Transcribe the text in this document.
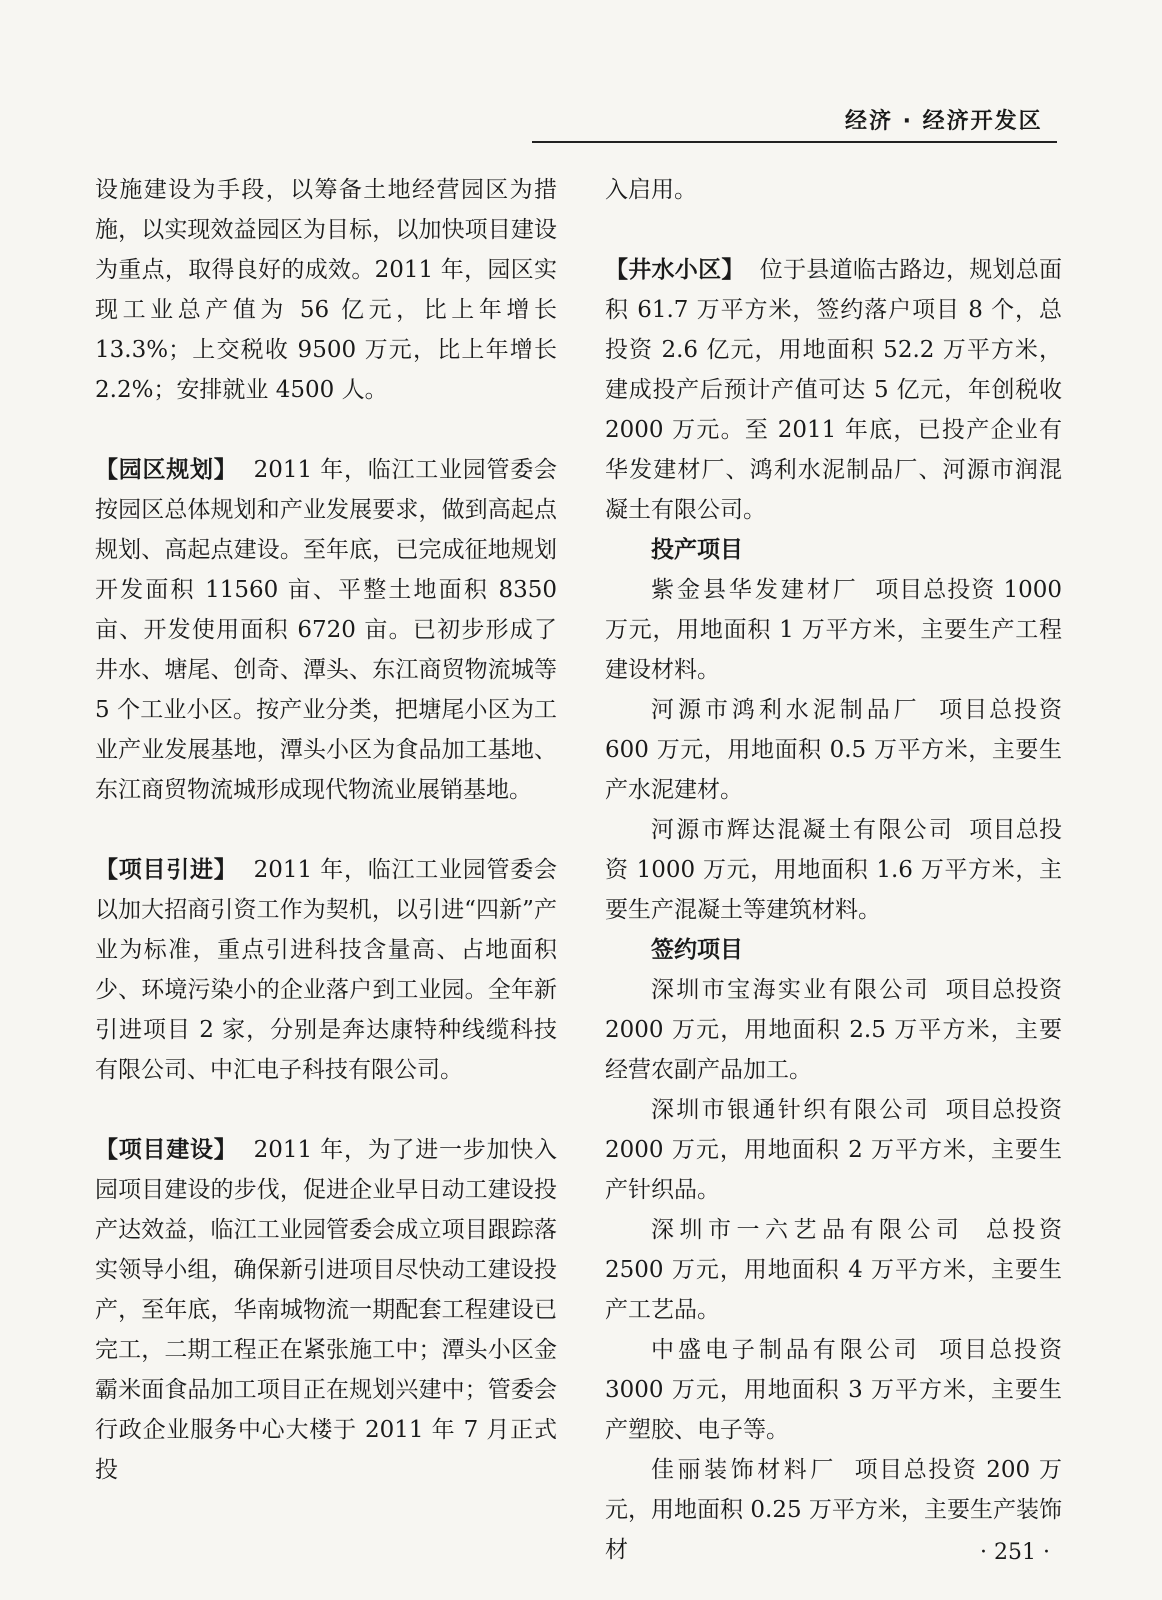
经济 · 经济开发区

设施建设为手段，以筹备土地经营园区为措施，以实现效益园区为目标，以加快项目建设为重点，取得良好的成效。2011 年，园区实现工业总产值为 56 亿元，比上年增长 13.3%；上交税收 9500 万元，比上年增长 2.2%；安排就业 4500 人。

【园区规划】 2011 年，临江工业园管委会按园区总体规划和产业发展要求，做到高起点规划、高起点建设。至年底，已完成征地规划开发面积 11560 亩、平整土地面积 8350 亩、开发使用面积 6720 亩。已初步形成了井水、塘尾、创奇、潭头、东江商贸物流城等 5 个工业小区。按产业分类，把塘尾小区为工业产业发展基地，潭头小区为食品加工基地、东江商贸物流城形成现代物流业展销基地。

【项目引进】 2011 年，临江工业园管委会以加大招商引资工作为契机，以引进“四新”产业为标准，重点引进科技含量高、占地面积少、环境污染小的企业落户到工业园。全年新引进项目 2 家，分别是奔达康特种线缆科技有限公司、中汇电子科技有限公司。

【项目建设】 2011 年，为了进一步加快入园项目建设的步伐，促进企业早日动工建设投产达效益，临江工业园管委会成立项目跟踪落实领导小组，确保新引进项目尽快动工建设投产，至年底，华南城物流一期配套工程建设已完工，二期工程正在紧张施工中；潭头小区金霸米面食品加工项目正在规划兴建中；管委会行政企业服务中心大楼于 2011 年 7 月正式投

入启用。

【井水小区】 位于县道临古路边，规划总面积 61.7 万平方米，签约落户项目 8 个，总投资 2.6 亿元，用地面积 52.2 万平方米，建成投产后预计产值可达 5 亿元，年创税收 2000 万元。至 2011 年底，已投产企业有华发建材厂、鸿利水泥制品厂、河源市润混凝土有限公司。

投产项目

紫金县华发建材厂 项目总投资 1000 万元，用地面积 1 万平方米，主要生产工程建设材料。

河源市鸿利水泥制品厂 项目总投资 600 万元，用地面积 0.5 万平方米，主要生产水泥建材。

河源市辉达混凝土有限公司 项目总投资 1000 万元，用地面积 1.6 万平方米，主要生产混凝土等建筑材料。

签约项目

深圳市宝海实业有限公司 项目总投资 2000 万元，用地面积 2.5 万平方米，主要经营农副产品加工。

深圳市银通针织有限公司 项目总投资 2000 万元，用地面积 2 万平方米，主要生产针织品。

深圳市一六艺品有限公司 总投资 2500 万元，用地面积 4 万平方米，主要生产工艺品。

中盛电子制品有限公司 项目总投资 3000 万元，用地面积 3 万平方米，主要生产塑胶、电子等。

佳丽装饰材料厂 项目总投资 200 万元，用地面积 0.25 万平方米，主要生产装饰材	· 251 ·
